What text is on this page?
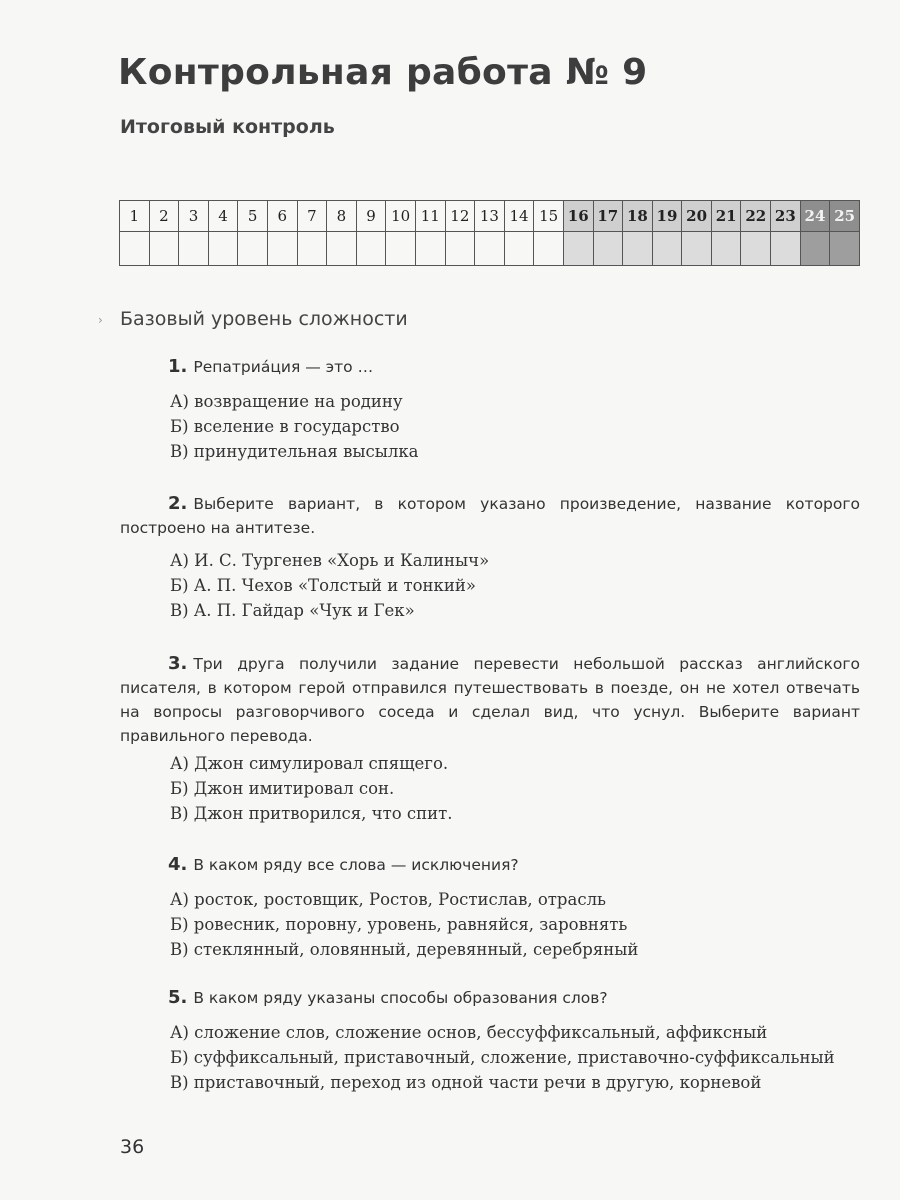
Контрольная работа № 9
Итоговый контроль
1	2	3	4	5	6	7	8	9	10	11	12	13	14	15	16	17	18	19	20	21	22	23	24	25

› Базовый уровень сложности
1. Репатриáция — это …
А) возвращение на родину
Б) вселение в государство
В) принудительная высылка
2. Выберите вариант, в котором указано произведение, название которого построено на антитезе.
А) И. С. Тургенев «Хорь и Калиныч»
Б) А. П. Чехов «Толстый и тонкий»
В) А. П. Гайдар «Чук и Гек»
3. Три друга получили задание перевести небольшой рассказ английского писателя, в котором герой отправился путешествовать в поезде, он не хотел отвечать на вопросы разговорчивого соседа и сделал вид, что уснул. Выберите вариант правильного перевода.
А) Джон симулировал спящего.
Б) Джон имитировал сон.
В) Джон притворился, что спит.
4. В каком ряду все слова — исключения?
А) росток, ростовщик, Ростов, Ростислав, отрасль
Б) ровесник, поровну, уровень, равняйся, заровнять
В) стеклянный, оловянный, деревянный, серебряный
5. В каком ряду указаны способы образования слов?
А) сложение слов, сложение основ, бессуффиксальный, аффиксный
Б) суффиксальный, приставочный, сложение, приставочно-суффиксальный
В) приставочный, переход из одной части речи в другую, корневой
36
